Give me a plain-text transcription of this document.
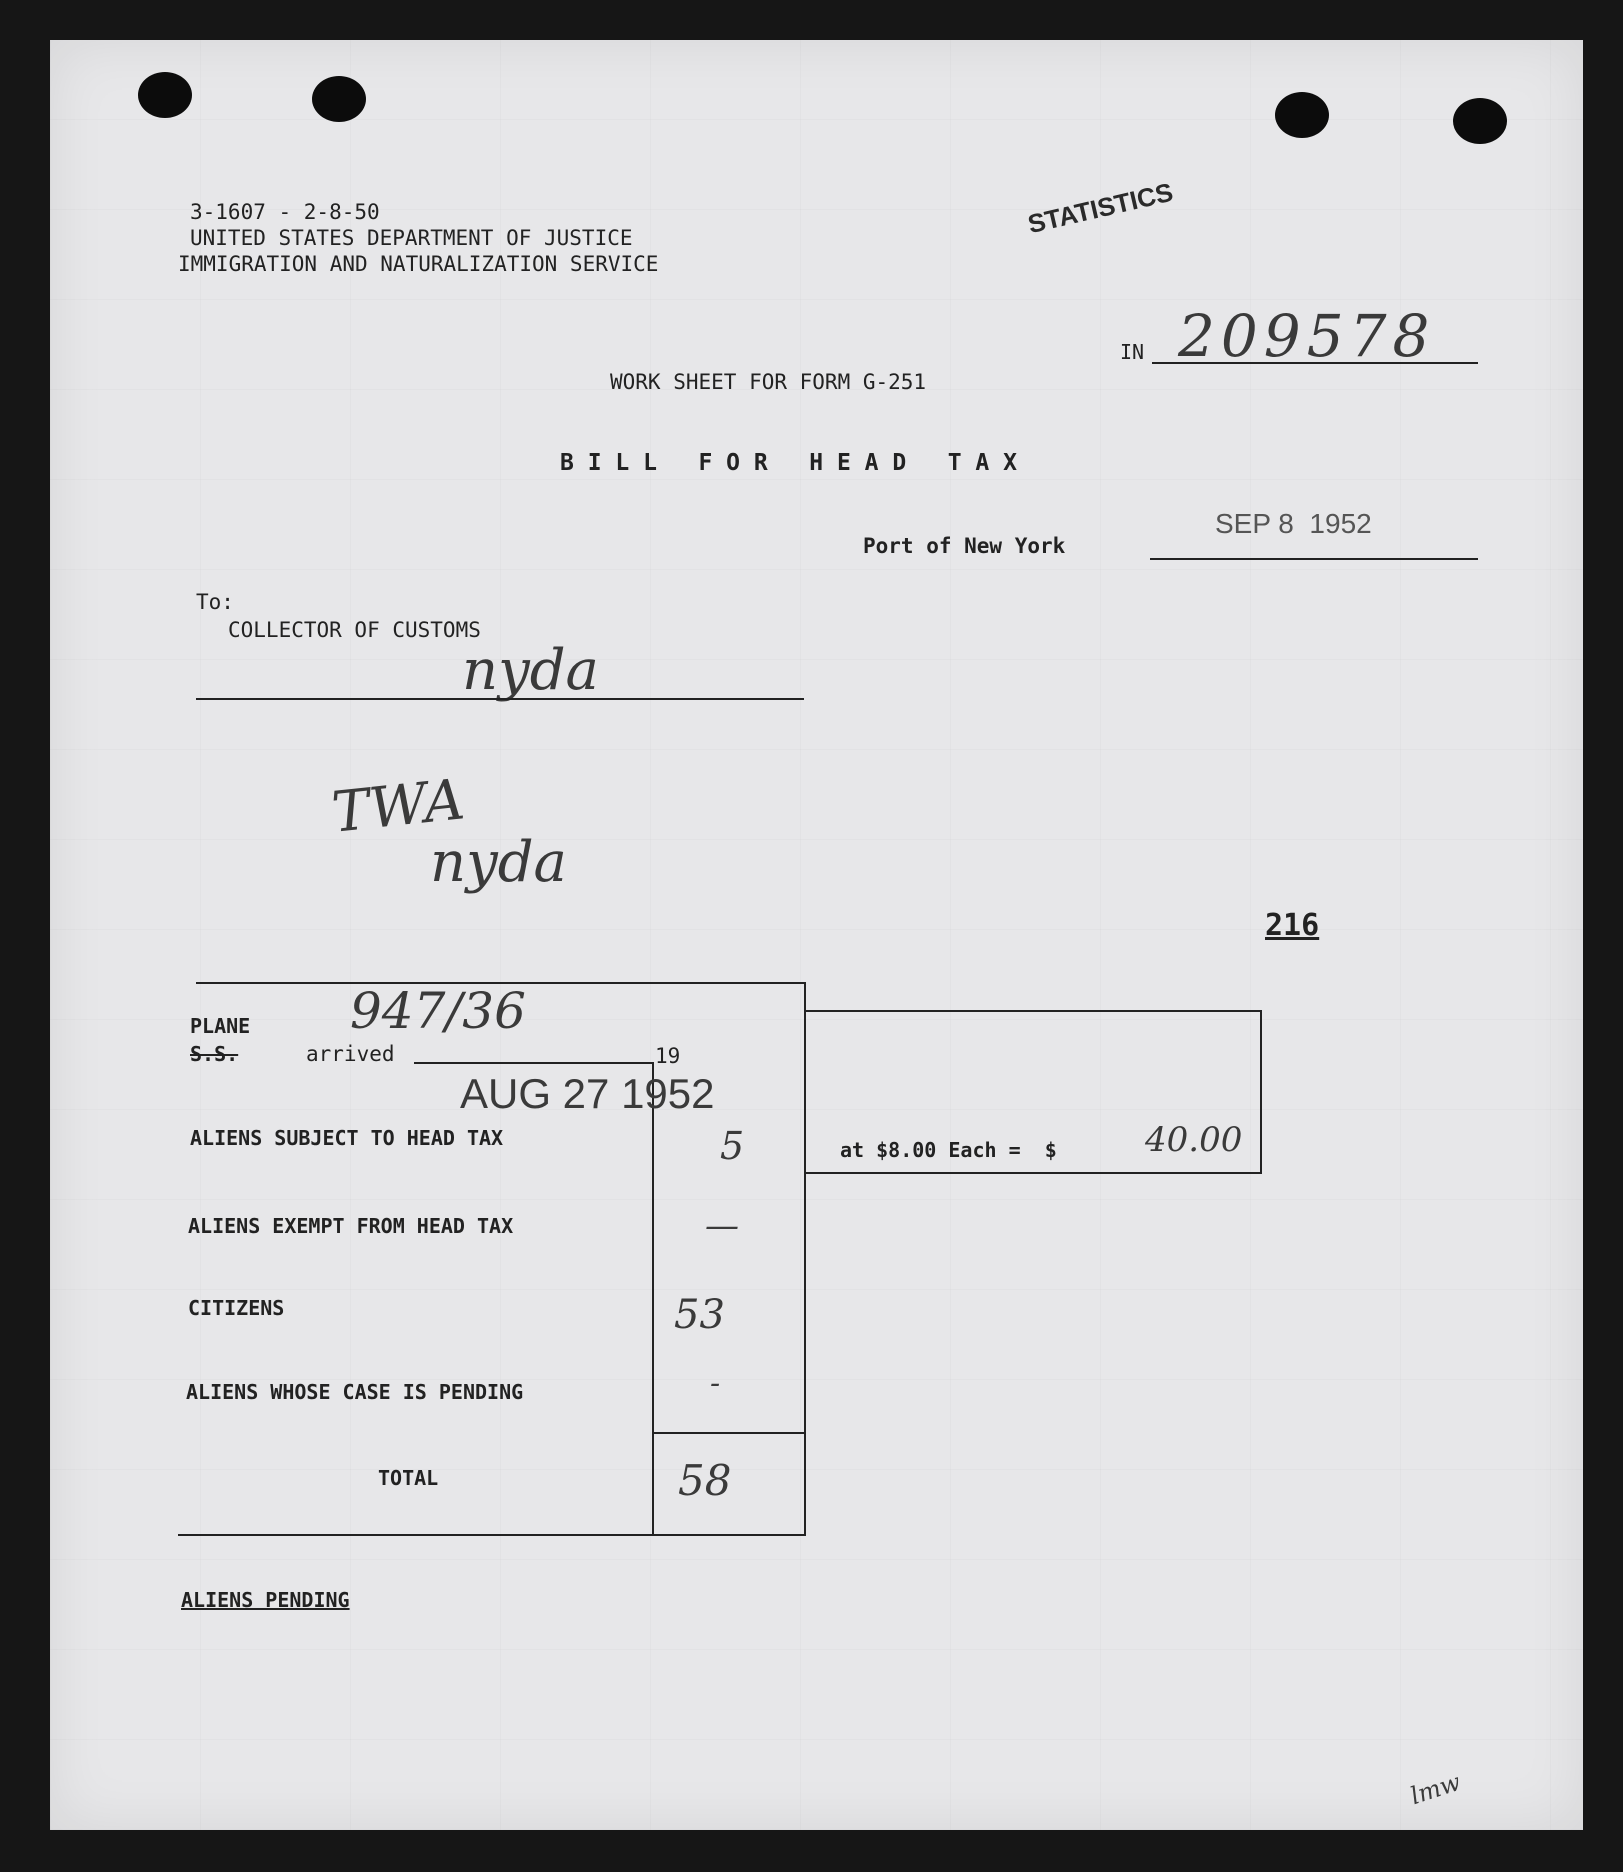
3-1607 - 2-8-50
UNITED STATES DEPARTMENT OF JUSTICE
IMMIGRATION AND NATURALIZATION SERVICE
STATISTICS
IN 209578
WORK SHEET FOR FORM G-251
B I L L   F O R   H E A D   T A X
Port of New York
SEP 8  1952
To:
COLLECTOR OF CUSTOMS
nyda
TWA
nyda
216
PLANE
S.S.	arrived	19
947/36
AUG 27 1952
ALIENS SUBJECT TO HEAD TAX	5
ALIENS EXEMPT FROM HEAD TAX	—
CITIZENS	53
ALIENS WHOSE CASE IS PENDING	-
TOTAL	58
at $8.00 Each =  $	40.00
ALIENS PENDING
lmw
